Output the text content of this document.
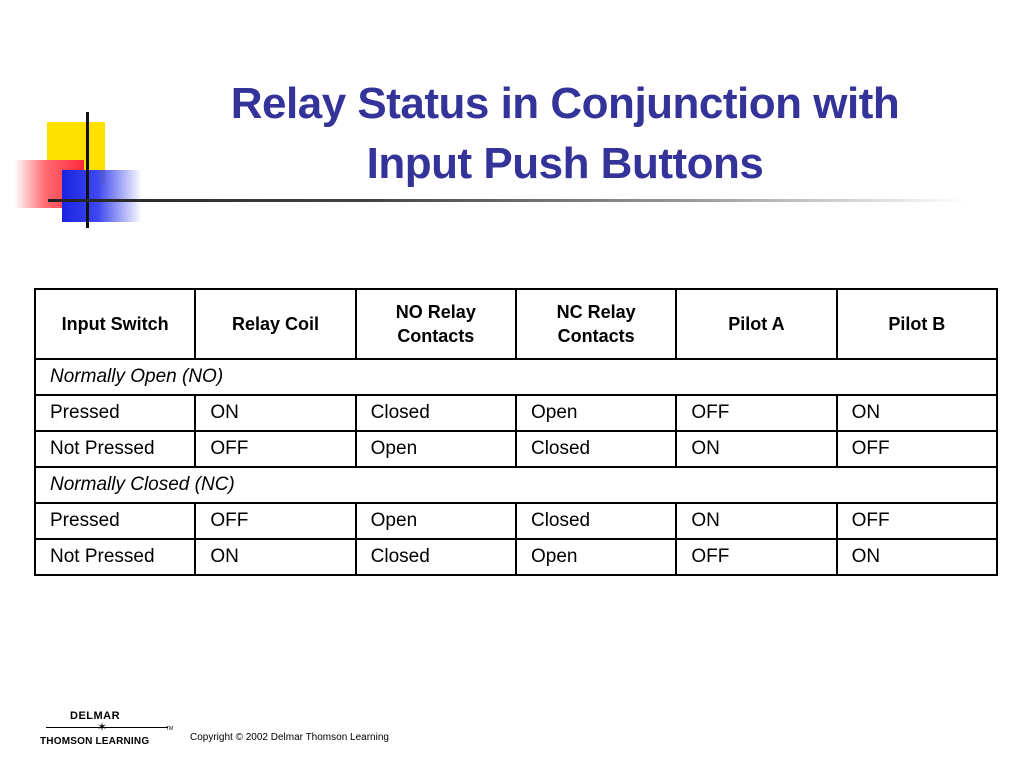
Relay Status in Conjunction with
Input Push Buttons
Input Switch	Relay Coil	NO Relay Contacts	NC Relay Contacts	Pilot A	Pilot B
Normally Open (NO)					
Pressed	ON	Closed	Open	OFF	ON
Not Pressed	OFF	Open	Closed	ON	OFF
Normally Closed (NC)					
Pressed	OFF	Open	Closed	ON	OFF
Not Pressed	ON	Closed	Open	OFF	ON
DELMAR
✶	TM
THOMSON LEARNING	Copyright © 2002 Delmar Thomson Learning
